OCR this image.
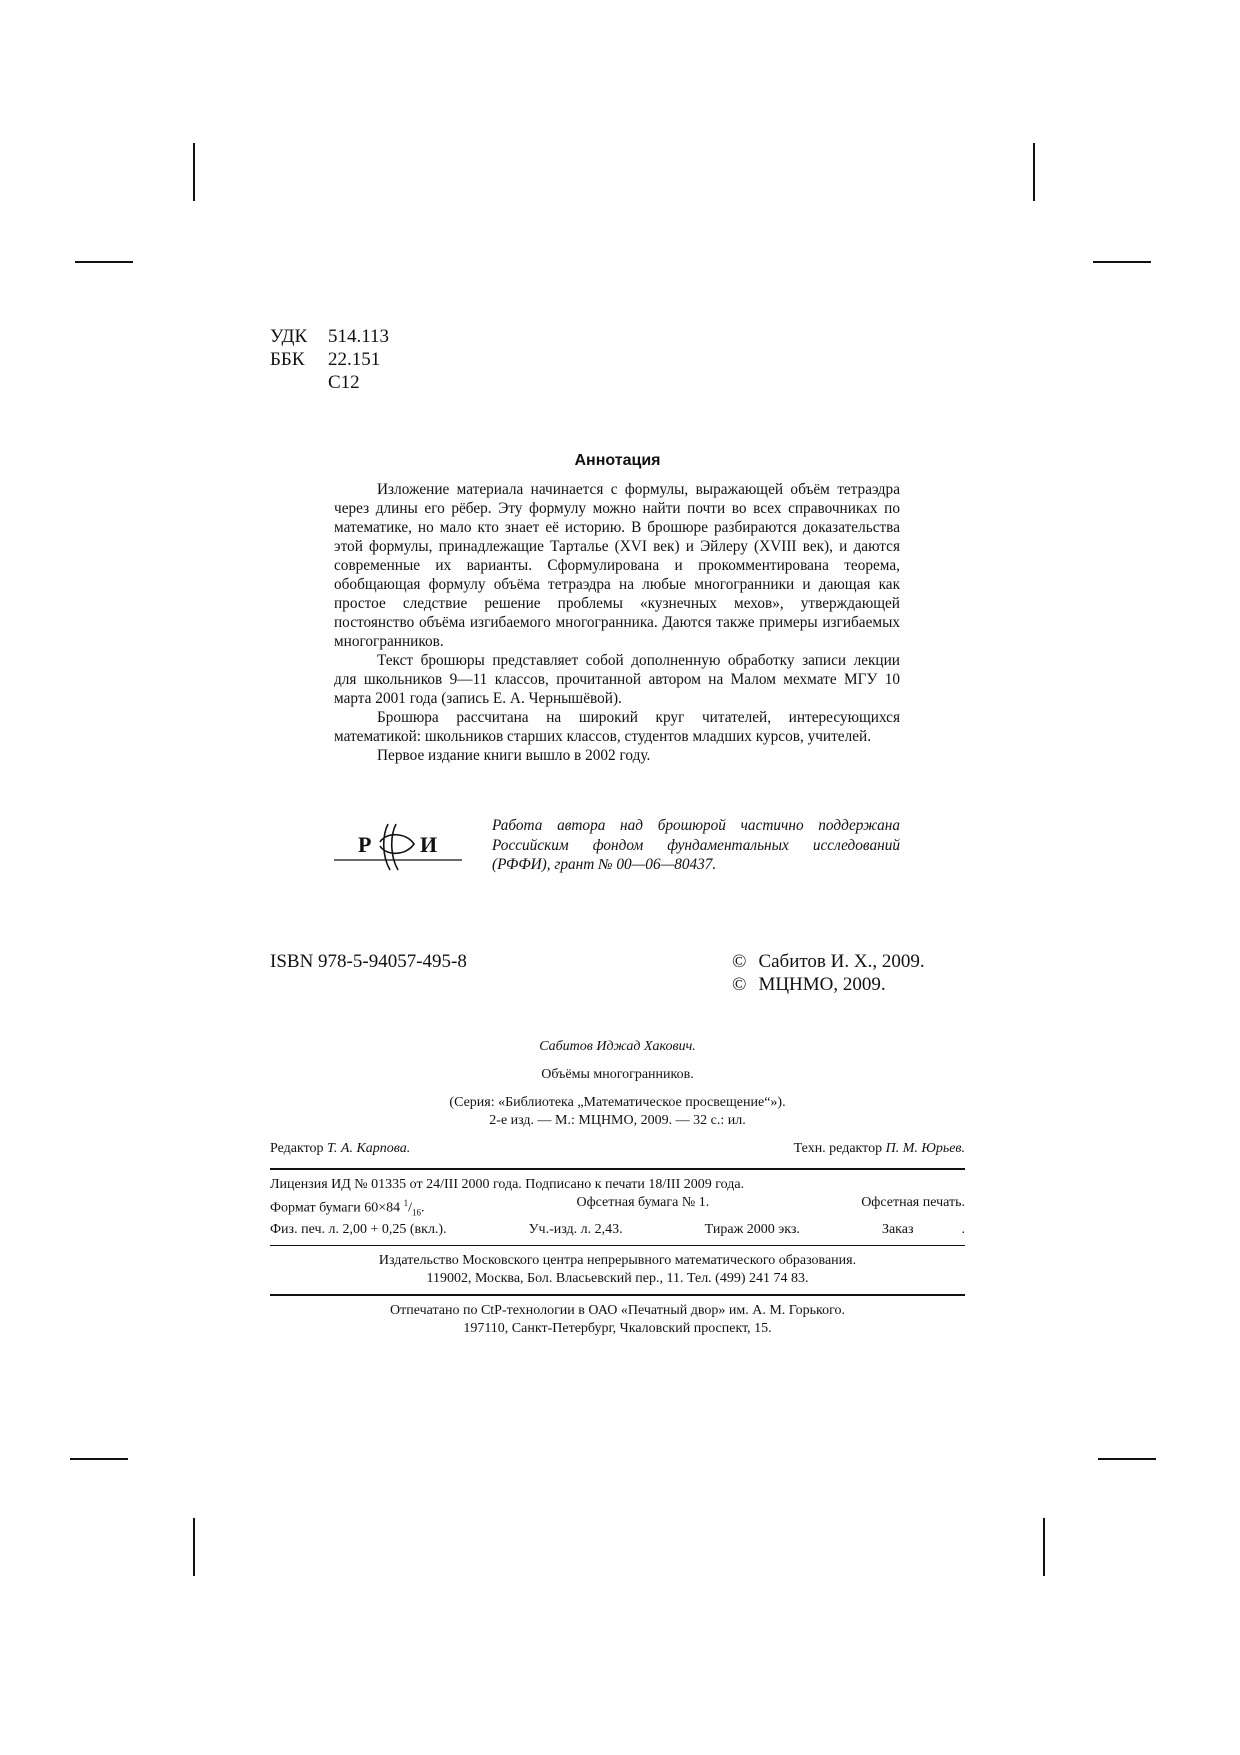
УДК 514.113
ББК 22.151
С12
Аннотация

Изложение материала начинается с формулы, выражающей объём тетраэдра через длины его рёбер. Эту формулу можно найти почти во всех справочниках по математике, но мало кто знает её историю. В брошюре разбираются доказательства этой формулы, принадлежащие Тартальe (XVI век) и Эйлеру (XVIII век), и даются современные их варианты. Сформулирована и прокомментирована теорема, обобщающая формулу объёма тетраэдра на любые многогранники и дающая как простое следствие решение проблемы «кузнечных мехов», утверждающей постоянство объёма изгибаемого многогранника. Даются также примеры изгибаемых многогранников.

Текст брошюры представляет собой дополненную обработку записи лекции для школьников 9—11 классов, прочитанной автором на Малом мехмате МГУ 10 марта 2001 года (запись Е. А. Чернышёвой).

Брошюра рассчитана на широкий круг читателей, интересующихся математикой: школьников старших классов, студентов младших курсов, учителей.

Первое издание книги вышло в 2002 году.

Р И
Работа автора над брошюрой частично поддержана Российским фондом фундаментальных исследований (РФФИ), грант № 00—06—80437.
ISBN 978-5-94057-495-8	© Сабитов И. Х., 2009.
© МЦНМО, 2009.
Сабитов Иджад Хакович.
Объёмы многогранников.
(Серия: «Библиотека „Математическое просвещение“»).
2-е изд. — М.: МЦНМО, 2009. — 32 с.: ил.
Редактор Т. А. Карпова.	Техн. редактор П. М. Юрьев.
Лицензия ИД № 01335 от 24/III 2000 года. Подписано к печати 18/III 2009 года.
Формат бумаги 60×84 $^1/_{16}$.	Офсетная бумага № 1.	Офсетная печать.
Физ. печ. л. 2,00 + 0,25 (вкл.).	Уч.-изд. л. 2,43.	Тираж 2000 экз.	Заказ	.
Издательство Московского центра непрерывного математического образования.
119002, Москва, Бол. Власьевский пер., 11. Тел. (499) 241 74 83.
Отпечатано по CtP-технологии в ОАО «Печатный двор» им. А. М. Горького.
197110, Санкт-Петербург, Чкаловский проспект, 15.
